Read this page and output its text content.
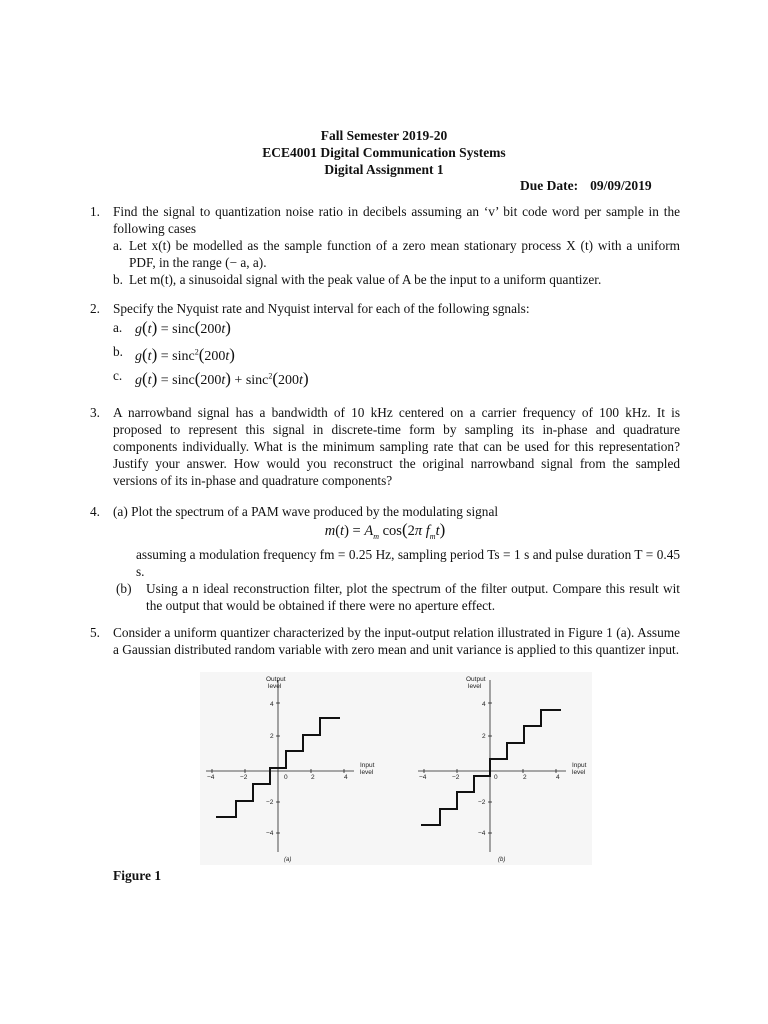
Fall Semester 2019-20
ECE4001 Digital Communication Systems
Digital Assignment 1
Due Date: 09/09/2019
1. Find the signal to quantization noise ratio in decibels assuming an ‘v’ bit code word per sample in the following cases
a. Let x(t) be modelled as the sample function of a zero mean stationary process X (t) with a uniform PDF, in the range (− a, a).
b. Let m(t), a sinusoidal signal with the peak value of A be the input to a uniform quantizer.
2. Specify the Nyquist rate and Nyquist interval for each of the following sgnals:
a. g(t) = sinc(200t)
b. g(t) = sinc$^2$(200t)
c. g(t) = sinc(200t) + sinc$^2$(200t)
3. A narrowband signal has a bandwidth of 10 kHz centered on a carrier frequency of 100 kHz. It is proposed to represent this signal in discrete-time form by sampling its in-phase and quadrature components individually. What is the minimum sampling rate that can be used for this representation? Justify your answer. How would you reconstruct the original narrowband signal from the sampled versions of its in-phase and quadrature components?
4. (a) Plot the spectrum of a PAM wave produced by the modulating signal
$m(t) = A_m$ cos(2π $f_mt$)
assuming a modulation frequency fm = 0.25 Hz, sampling period Ts = 1 s and pulse duration T = 0.45 s.
(b) Using a n ideal reconstruction filter, plot the spectrum of the filter output. Compare this result wit the output that would be obtained if there were no aperture effect.
5. Consider a uniform quantizer characterized by the input-output relation illustrated in Figure 1 (a). Assume a Gaussian distributed random variable with zero mean and unit variance is applied to this quantizer input.
Output
level
Input
level
−4	−2	0	2	4
4
2
−2
−4
(a)
Output
level
Input
level
−4	−2	0	2	4
4
2
−2
−4
(b)
Figure 1
